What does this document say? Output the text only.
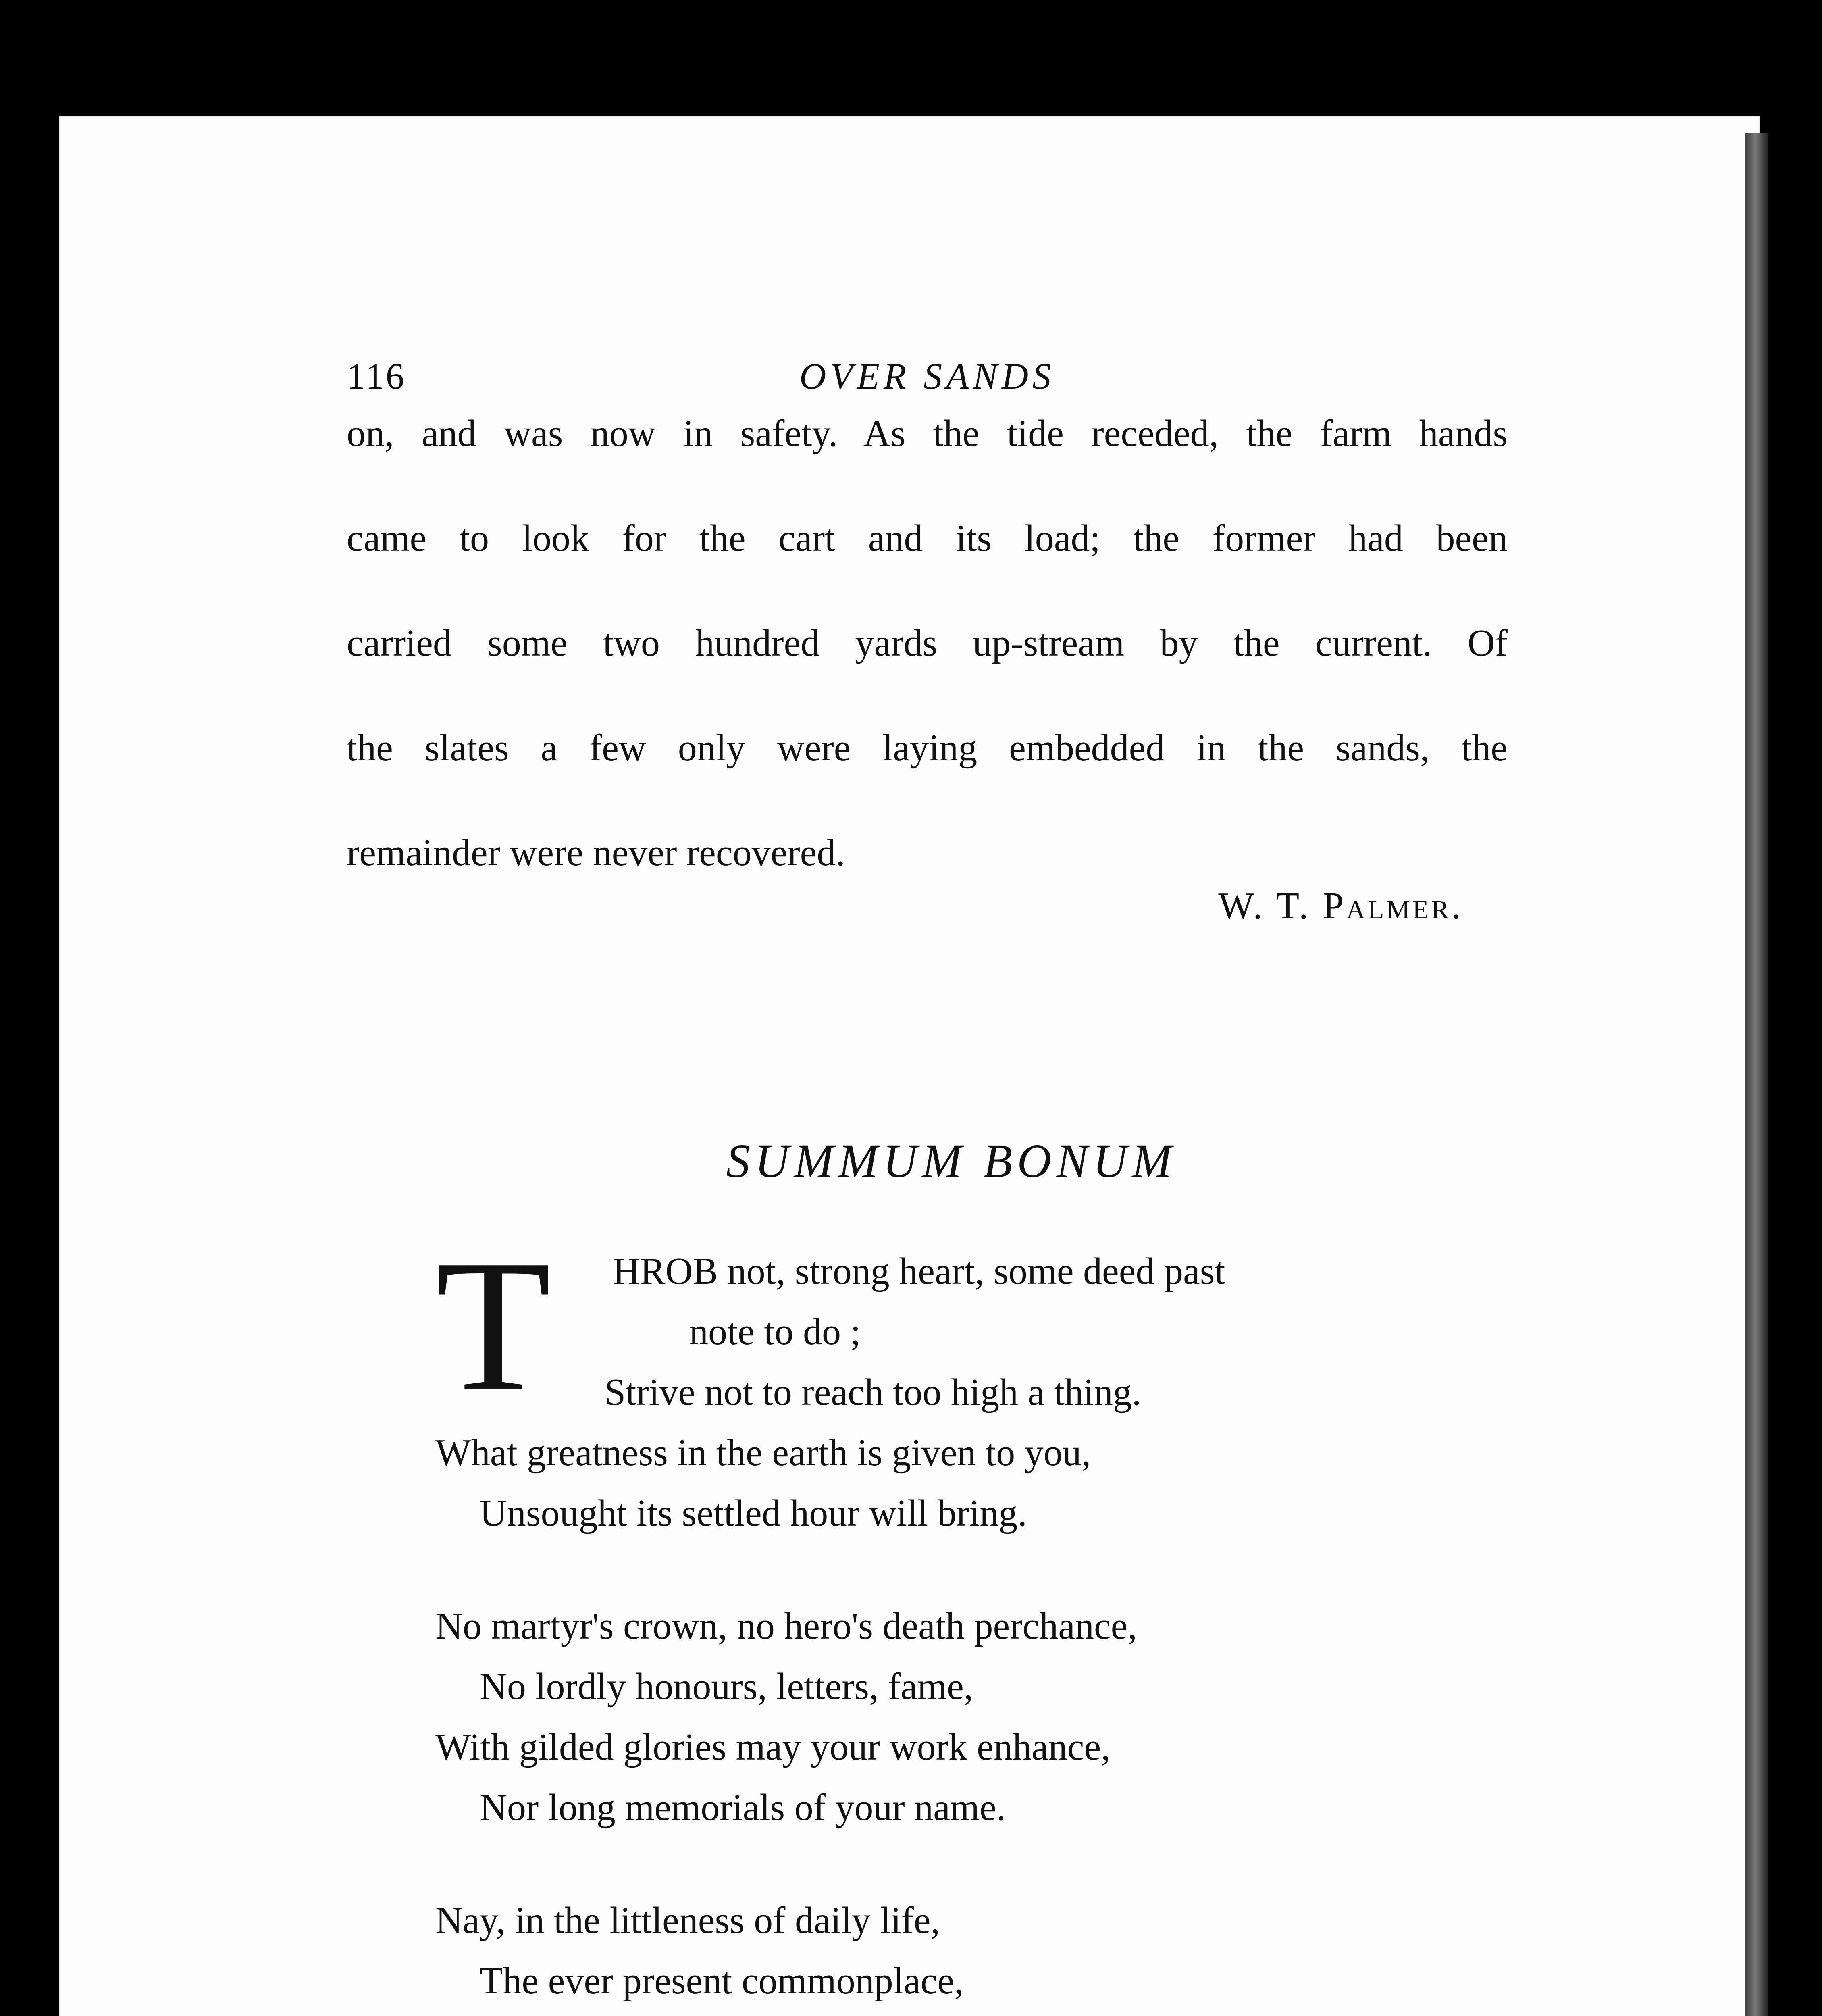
116	OVER SANDS

on, and was now in safety. As the tide receded, the farm hands

came to look for the cart and its load; the former had been

carried some two hundred yards up-stream by the current. Of

the slates a few only were laying embedded in the sands, the

remainder were never recovered.

W. T. Palmer.
SUMMUM BONUM
T	HROB not, strong heart, some deed past
note to do ;
Strive not to reach too high a thing.
What greatness in the earth is given to you,
Unsought its settled hour will bring.
No martyr's crown, no hero's death perchance,
No lordly honours, letters, fame,
With gilded glories may your work enhance,
Nor long memorials of your name.
Nay, in the littleness of daily life,
The ever present commonplace,
